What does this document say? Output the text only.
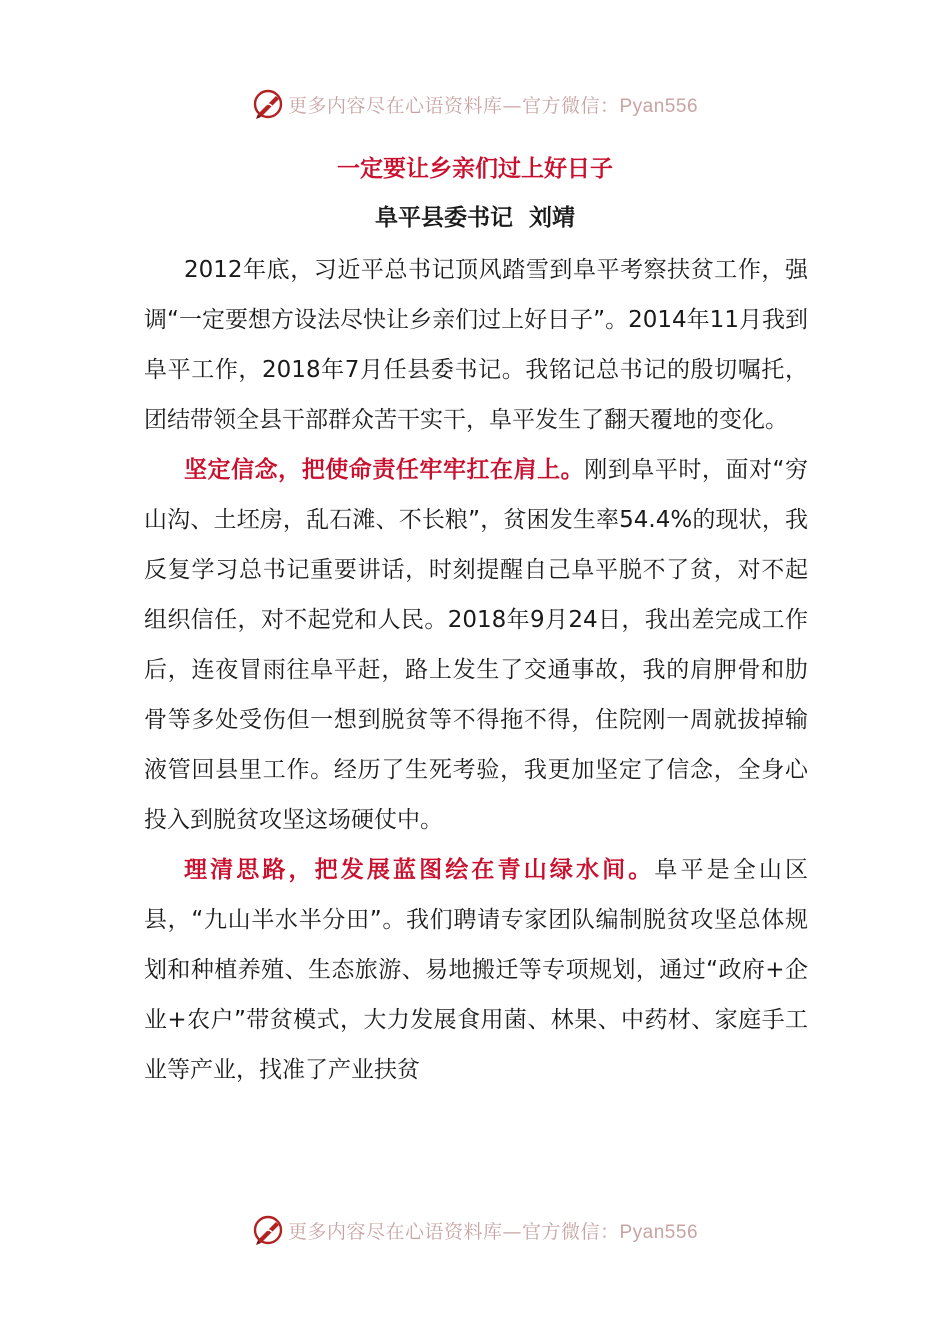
更多内容尽在心语资料库—官方微信：Pyan556
一定要让乡亲们过上好日子
阜平县委书记  刘靖

2012年底，习近平总书记顶风踏雪到阜平考察扶贫工作，强调“一定要想方设法尽快让乡亲们过上好日子”。2014年11月我到阜平工作，2018年7月任县委书记。我铭记总书记的殷切嘱托，团结带领全县干部群众苦干实干，阜平发生了翻天覆地的变化。

坚定信念，把使命责任牢牢扛在肩上。刚到阜平时，面对“穷山沟、土坯房，乱石滩、不长粮”，贫困发生率54.4%的现状，我反复学习总书记重要讲话，时刻提醒自己阜平脱不了贫，对不起组织信任，对不起党和人民。2018年9月24日，我出差完成工作后，连夜冒雨往阜平赶，路上发生了交通事故，我的肩胛骨和肋骨等多处受伤但一想到脱贫等不得拖不得，住院刚一周就拔掉输液管回县里工作。经历了生死考验，我更加坚定了信念，全身心投入到脱贫攻坚这场硬仗中。

理清思路，把发展蓝图绘在青山绿水间。阜平是全山区县，“九山半水半分田”。我们聘请专家团队编制脱贫攻坚总体规划和种植养殖、生态旅游、易地搬迁等专项规划，通过“政府+企业+农户”带贫模式，大力发展食用菌、林果、中药材、家庭手工业等产业，找准了产业扶贫

更多内容尽在心语资料库—官方微信：Pyan556
